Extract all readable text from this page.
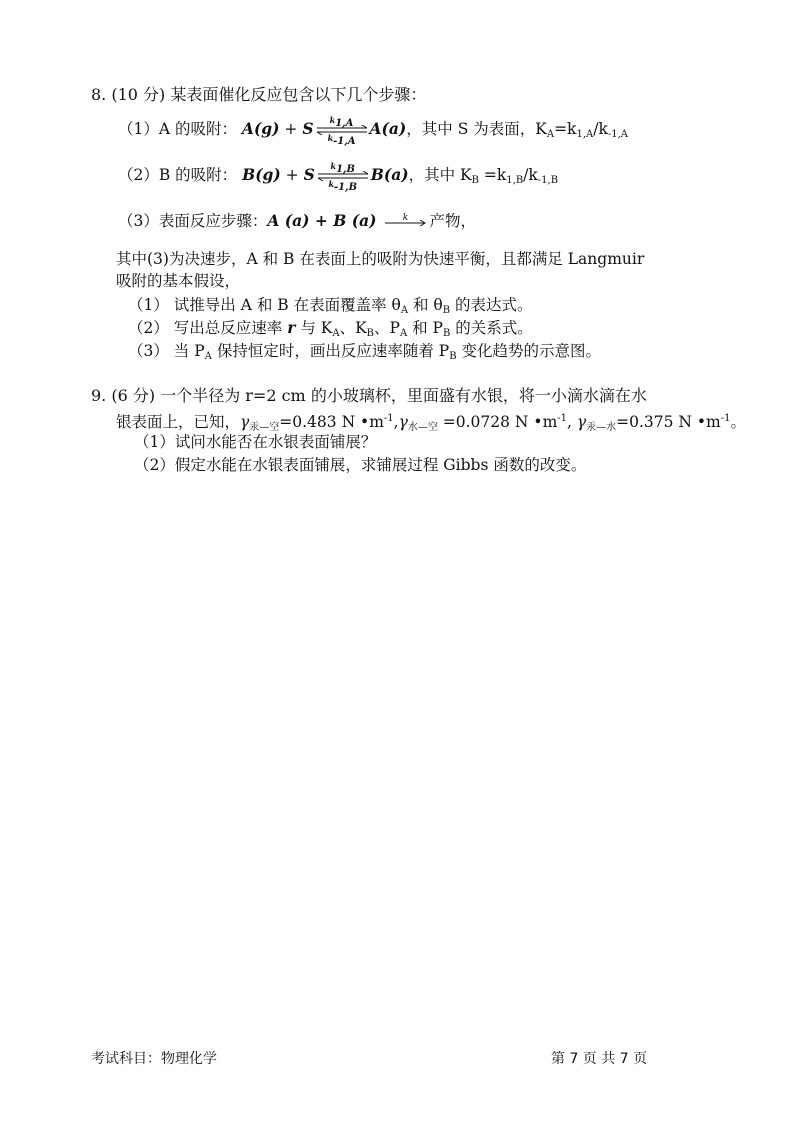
8. (10 分) 某表面催化反应包含以下几个步骤：
（1）A 的吸附： A(g) + S	$k_{1,A}$
$k_{-1,A}$
A(a)，其中 S 为表面，$K_A=k_{1,A}/k_{-1,A}$
（2）B 的吸附： B(g) + S	$k_{1,B}$
$k_{-1,B}$
B(a)，其中 $K_B =k_{1,B}/k_{-1,B}$
（3）表面反应步骤：A (a) + B (a)	k	产物，
其中(3)为决速步，A 和 B 在表面上的吸附为快速平衡，且都满足 Langmuir
吸附的基本假设，
（1） 试推导出 A 和 B 在表面覆盖率 $\theta_A$ 和 $\theta_B$ 的表达式。
（2） 写出总反应速率 r 与 $K_A$、$K_B$、$P_A$ 和 $P_B$ 的关系式。
（3） 当 $P_A$ 保持恒定时，画出反应速率随着 $P_B$ 变化趋势的示意图。
9. (6 分) 一个半径为 r=2 cm 的小玻璃杯，里面盛有水银，将一小滴水滴在水
银表面上，已知，$\gamma_{汞—空}=0.483$ N $•m^{-1},\gamma_{水—空} =0.0728$ N $•m^{-1}$, $\gamma_{汞—水}=0.375$ N $•m^{-1}$。
（1）试问水能否在水银表面铺展？
（2）假定水能在水银表面铺展，求铺展过程 Gibbs 函数的改变。
考试科目：物理化学	第 7 页 共 7 页
